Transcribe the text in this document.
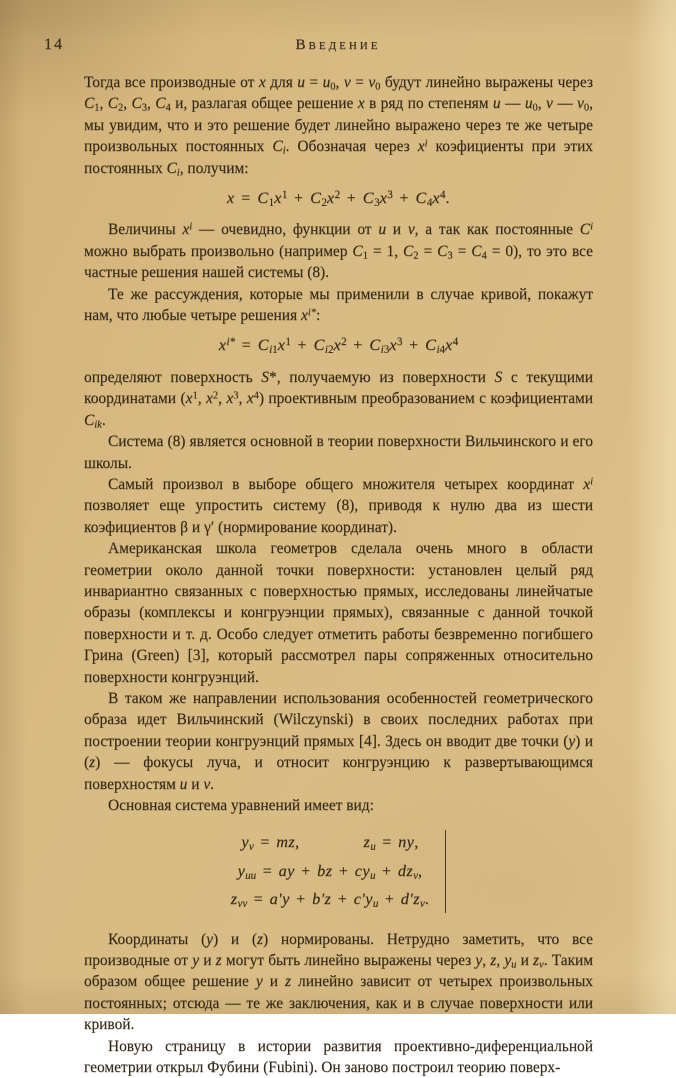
14	Введение

Тогда все производные от x для $u = u_0$, $v = v_0$ будут линейно выражены через $C_1$, $C_2$, $C_3$, $C_4$ и, разлагая общее решение x в ряд по степеням u — $u_0$, v — $v_0$, мы увидим, что и это решение будет линейно выражено через те же четыре произвольных постоянных $C_i$. Обозначая через $x^i$ коэфициенты при этих постоянных $C_i$, получим:

$x = C_1x^1 + C_2x^2 + C_3x^3 + C_4x^4$.

Величины $x^i$ — очевидно, функции от u и v, а так как постоянные $C^i$ можно выбрать произвольно (например $C_1 = 1$, $C_2 = C_3 = C_4 = 0$), то это все частные решения нашей системы (8).

Те же рассуждения, которые мы применили в случае кривой, покажут нам, что любые четыре решения $x^{i*}$:

$x^{i*} = C_{i1}x^1 + C_{i2}x^2 + C_{i3}x^3 + C_{i4}x^4$

определяют поверхность S*, получаемую из поверхности S с текущими координатами ($x^1$, $x^2$, $x^3$, $x^4$) проективным преобразованием с коэфициентами $C_{ik}$.

Система (8) является основной в теории поверхности Вильчинского и его школы.

Самый произвол в выборе общего множителя четырех координат $x^i$ позволяет еще упростить систему (8), приводя к нулю два из шести коэфициентов β и γ′ (нормирование координат).

Американская школа геометров сделала очень много в области геометрии около данной точки поверхности: установлен целый ряд инвариантно связанных с поверхностью прямых, исследованы линейчатые образы (комплексы и конгруэнции прямых), связанные с данной точкой поверхности и т. д. Особо следует отметить работы безвременно погибшего Грина (Green) [3], который рассмотрел пары сопряженных относительно поверхности конгруэнций.

В таком же направлении использования особенностей геометрического образа идет Вильчинский (Wilczynski) в своих последних работах при построении теории конгруэнций прямых [4]. Здесь он вводит две точки (y) и (z) — фокусы луча, и относит конгруэнцию к развертывающимся поверхностям u и v.

Основная система уравнений имеет вид:

$y_v$ = mz,	$z_u$ = ny,
$y_{uu}$ = ay + bz + $cy_u + dz_v$,
$z_{vv} = a'y + b'z + c'y_u + d'z_v$.

Координаты (y) и (z) нормированы. Нетрудно заметить, что все производные от y и z могут быть линейно выражены через y, z, $y_u$ и $z_v$. Таким образом общее решение y и z линейно зависит от четырех произвольных постоянных; отсюда — те же заключения, как и в случае поверхности или кривой.

Новую страницу в истории развития проективно-диференциальной геометрии открыл Фубини (Fubini). Он заново построил теорию поверх-
